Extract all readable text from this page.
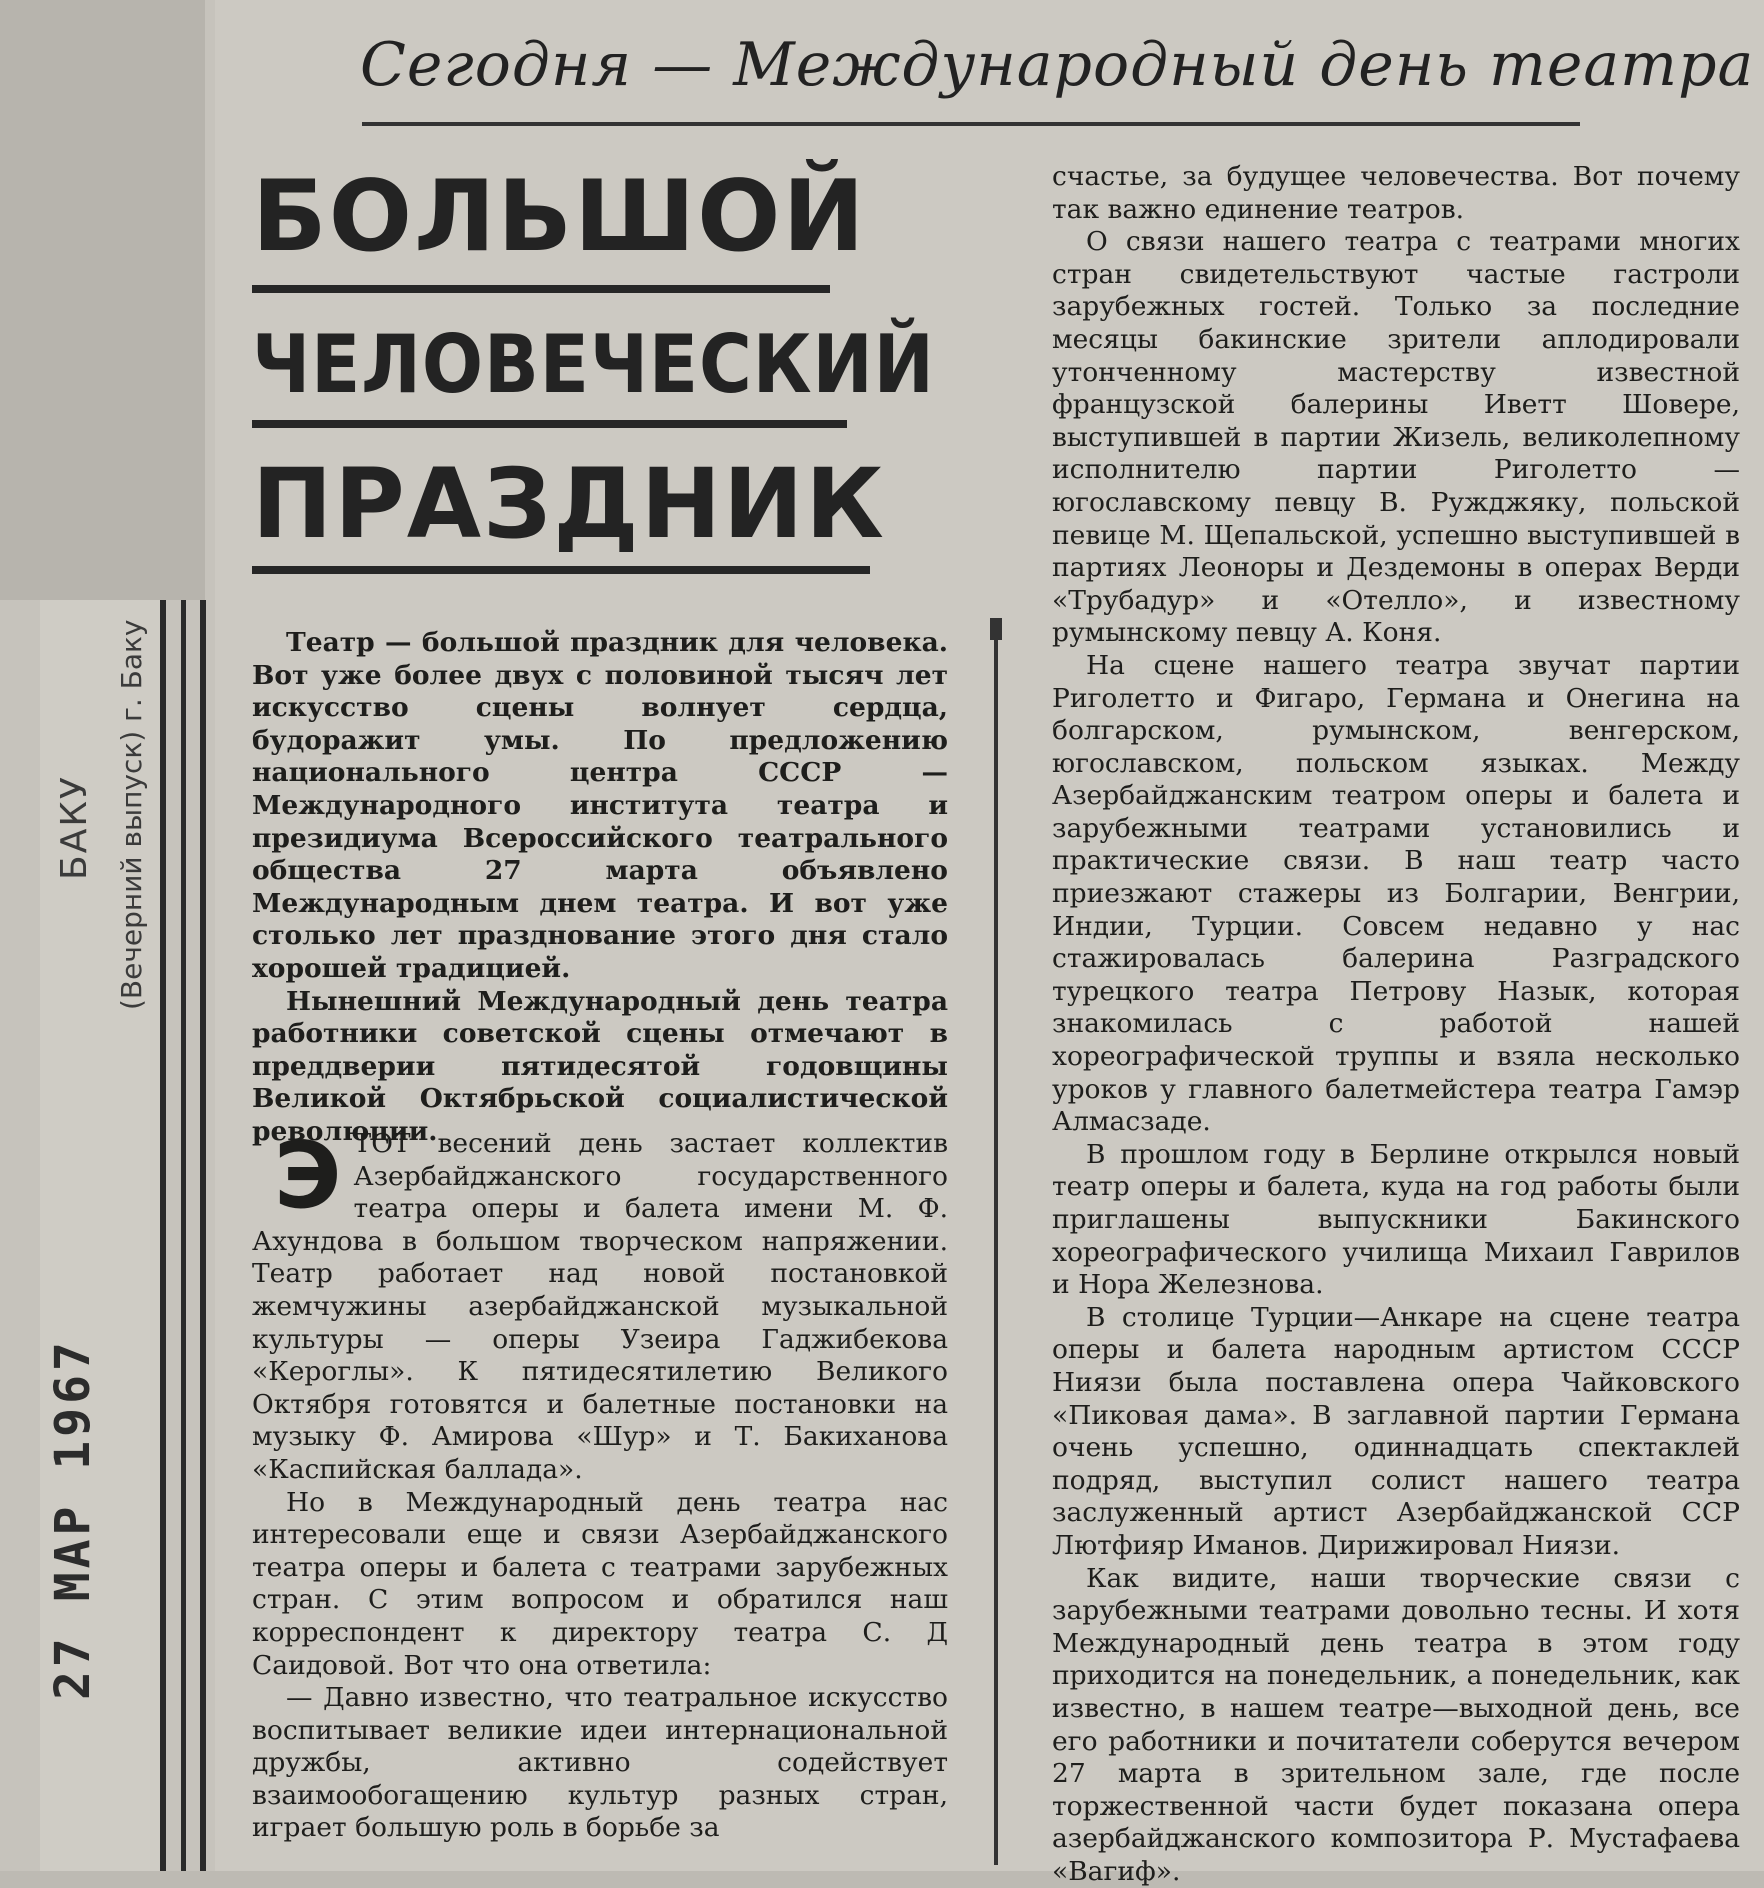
БАКУ (Вечерний выпуск) г. Баку
27 МАР 1967
Сегодня — Международный день театра
БОЛЬШОЙ
ЧЕЛОВЕЧЕСКИЙ
ПРАЗДНИК

Театр — большой праздник для человека. Вот уже более двух с половиной тысяч лет искусство сцены волнует сердца, будоражит умы. По предложению национального центра СССР — Международного института театра и президиума Всероссийского театрального общества 27 марта объявлено Международным днем театра. И вот уже столько лет празднование этого дня стало хорошей традицией.

Нынешний Международный день театра работники советской сцены отмечают в преддверии пятидесятой годовщины Великой Октябрьской социалистической революции.

ЭТОТ весений день застает коллектив Азербайджанского государственного театра оперы и балета имени М. Ф. Ахундова в большом творческом напряжении. Театр работает над новой постановкой жемчужины азербайджанской музыкальной культуры — оперы Узеира Гаджибекова «Кероглы». К пятидесятилетию Великого Октября готовятся и балетные постановки на музыку Ф. Амирова «Шур» и Т. Бакиханова «Каспийская баллада».

Но в Международный день театра нас интересовали еще и связи Азербайджанского театра оперы и балета с театрами зарубежных стран. С этим вопросом и обратился наш корреспондент к директору театра С. Д Саидовой. Вот что она ответила:

— Давно известно, что театральное искусство воспитывает великие идеи интернациональной дружбы, активно содействует взаимообогащению культур разных стран, играет большую роль в борьбе за

счастье, за будущее человечества. Вот почему так важно единение театров.

О связи нашего театра с театрами многих стран свидетельствуют частые гастроли зарубежных гостей. Только за последние месяцы бакинские зрители аплодировали утонченному мастерству известной французской балерины Иветт Шовере, выступившей в партии Жизель, великолепному исполнителю партии Риголетто — югославскому певцу В. Ружджяку, польской певице М. Щепальской, успешно выступившей в партиях Леоноры и Дездемоны в операх Верди «Трубадур» и «Отелло», и известному румынскому певцу А. Коня.

На сцене нашего театра звучат партии Риголетто и Фигаро, Германа и Онегина на болгарском, румынском, венгерском, югославском, польском языках. Между Азербайджанским театром оперы и балета и зарубежными театрами установились и практические связи. В наш театр часто приезжают стажеры из Болгарии, Венгрии, Индии, Турции. Совсем недавно у нас стажировалась балерина Разградского турецкого театра Петрову Назык, которая знакомилась с работой нашей хореографической труппы и взяла несколько уроков у главного балетмейстера театра Гамэр Алмасзаде.

В прошлом году в Берлине открылся новый театр оперы и балета, куда на год работы были приглашены выпускники Бакинского хореографического училища Михаил Гаврилов и Нора Железнова.

В столице Турции—Анкаре на сцене театра оперы и балета народным артистом СССР Ниязи была поставлена опера Чайковского «Пиковая дама». В заглавной партии Германа очень успешно, одиннадцать спектаклей подряд, выступил солист нашего театра заслуженный артист Азербайджанской ССР Лютфияр Иманов. Дирижировал Ниязи.

Как видите, наши творческие связи с зарубежными театрами довольно тесны. И хотя Международный день театра в этом году приходится на понедельник, а понедельник, как известно, в нашем театре—выходной день, все его работники и почитатели соберутся вечером 27 марта в зрительном зале, где после торжественной части будет показана опера азербайджанского композитора Р. Мустафаева «Вагиф».
